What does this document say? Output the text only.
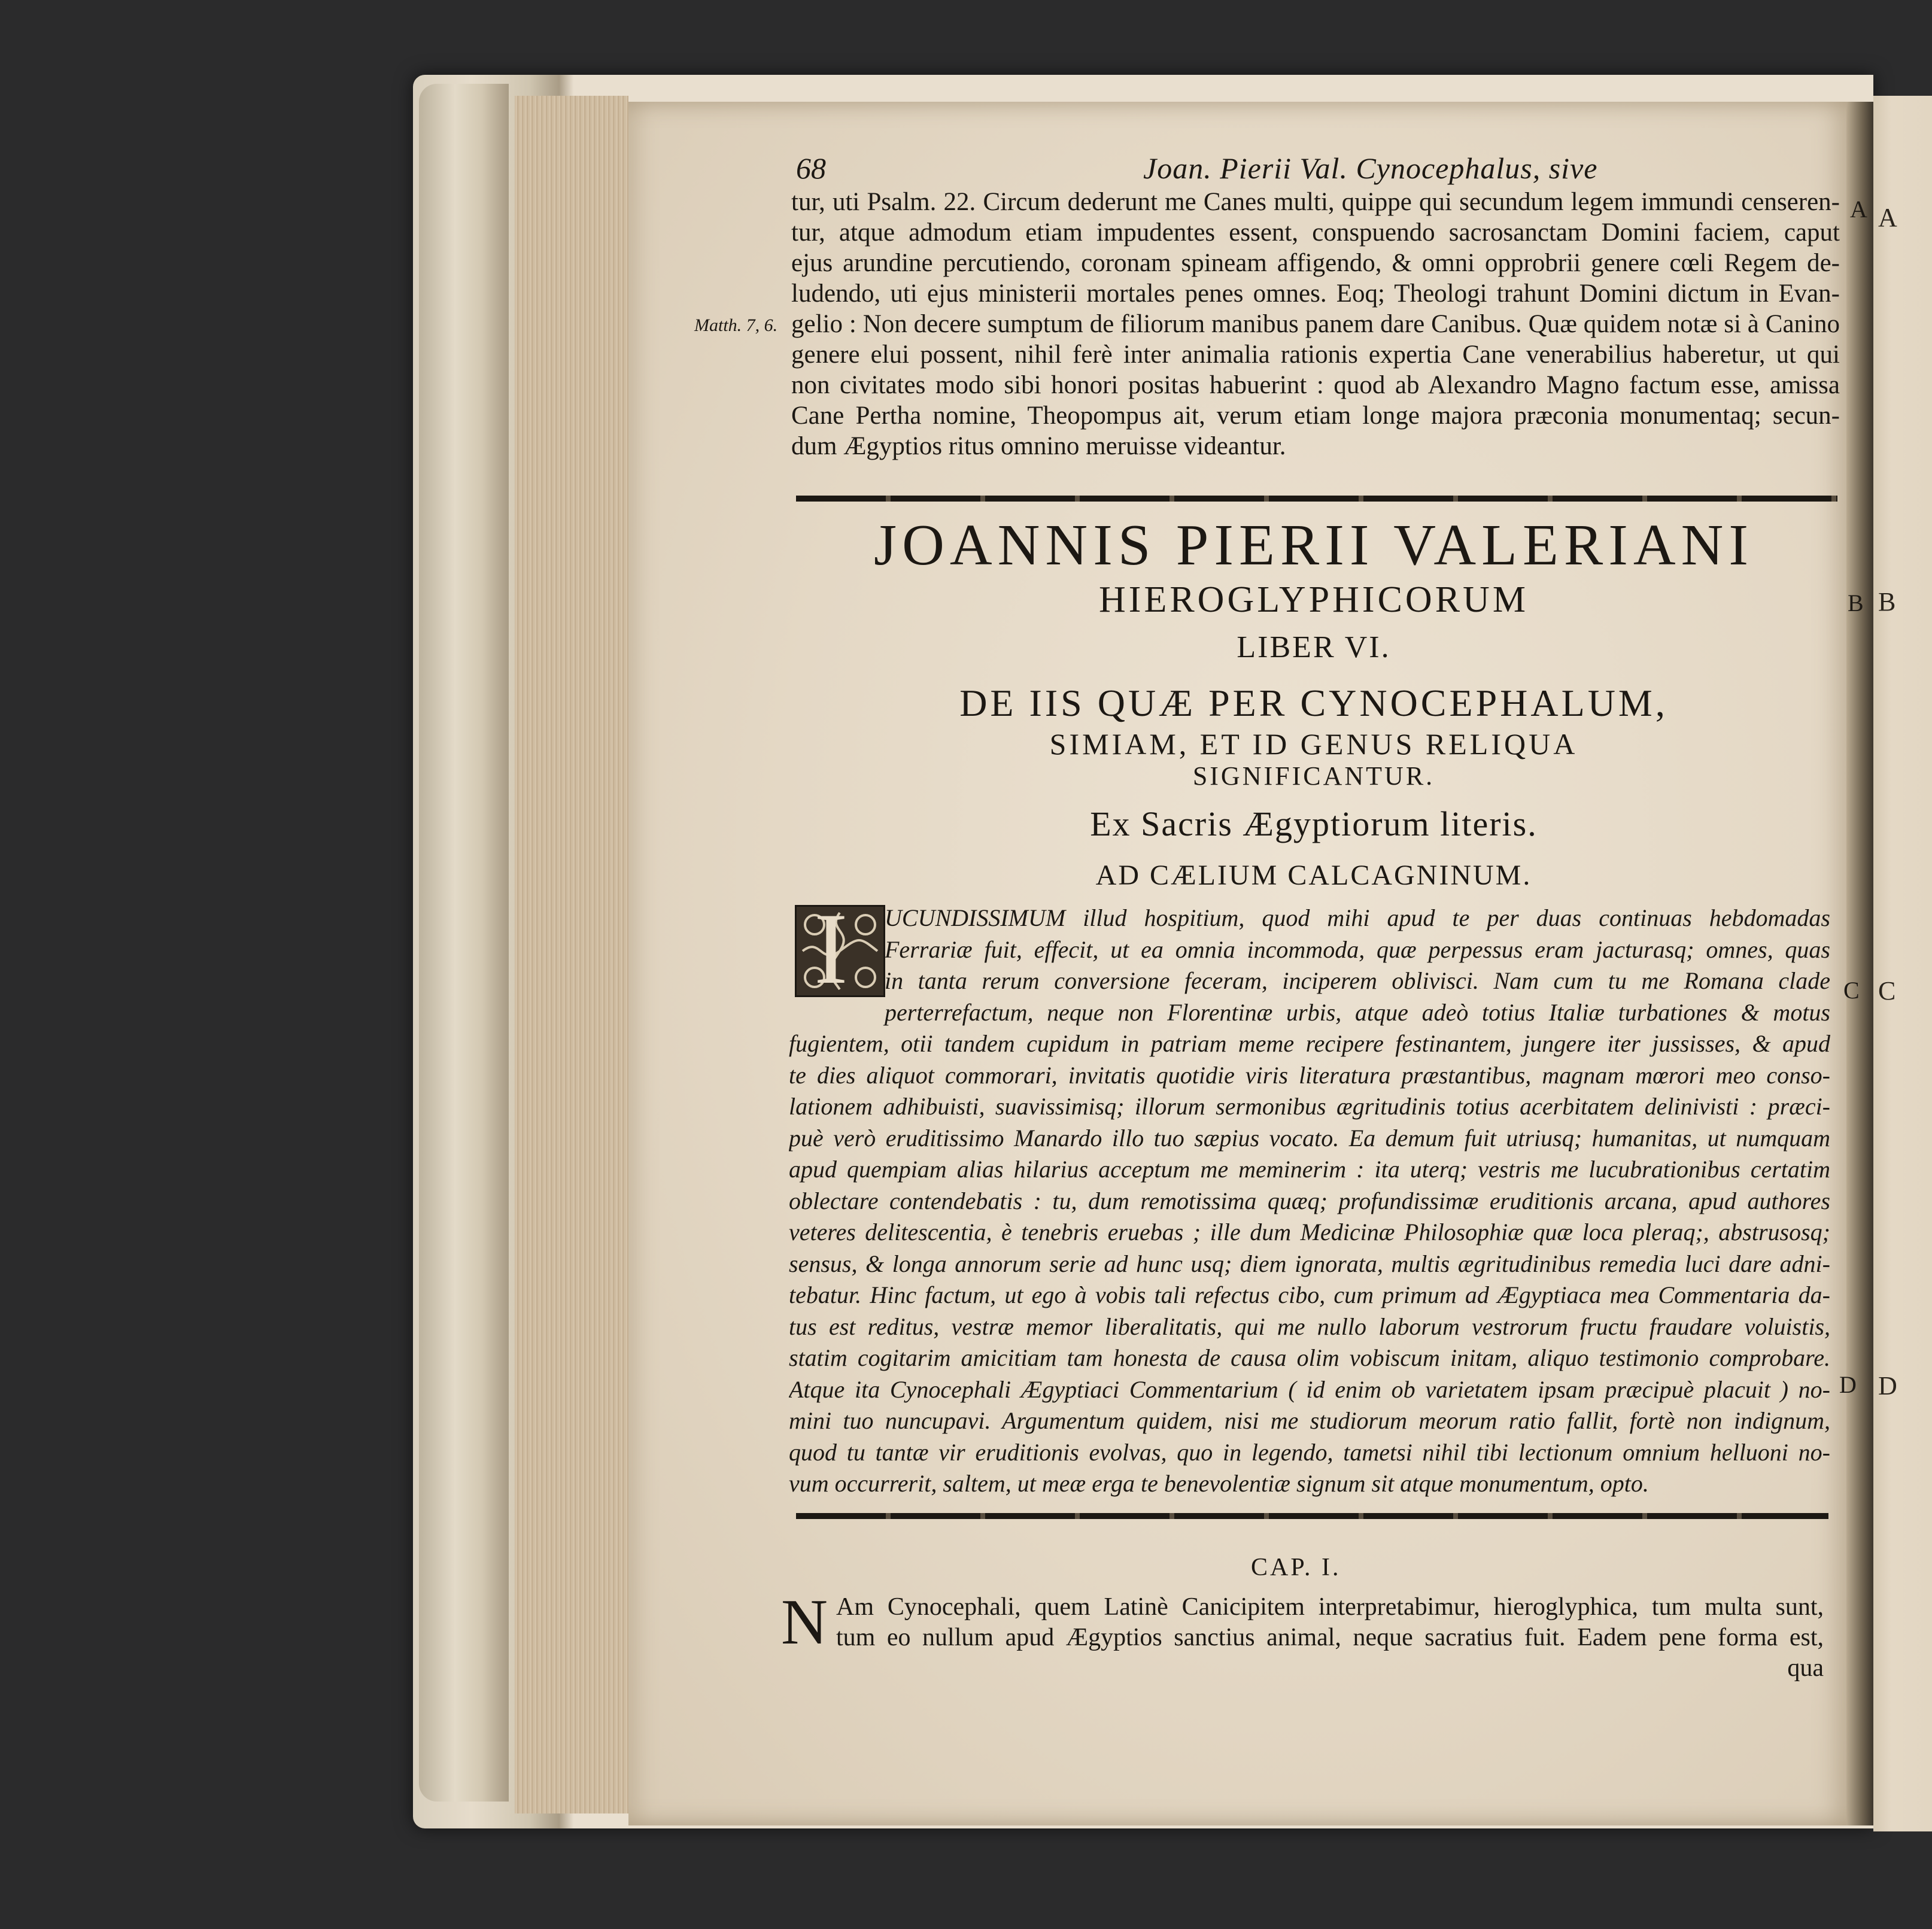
A
B
C
D
68	Joan. Pierii Val. Cynocephalus, sive
tur, uti Psalm. 22. Circum dederunt me Canes multi, quippe qui secundum legem immundi censeren-
tur, atque admodum etiam impudentes essent, conspuendo sacrosanctam Domini faciem, caput
ejus arundine percutiendo, coronam spineam affigendo, & omni opprobrii genere cœli Regem de-
ludendo, uti ejus ministerii mortales penes omnes. Eoq; Theologi trahunt Domini dictum in Evan-
gelio : Non decere sumptum de filiorum manibus panem dare Canibus. Quæ quidem notæ si à Canino
genere elui possent, nihil ferè inter animalia rationis expertia Cane venerabilius haberetur, ut qui
non civitates modo sibi honori positas habuerint : quod ab Alexandro Magno factum esse, amissa
Cane Pertha nomine, Theopompus ait, verum etiam longe majora præconia monumentaq; secun-
dum Ægyptios ritus omnino meruisse videantur.
Matth. 7, 6.
A
B
C
D
JOANNIS PIERII VALERIANI
HIEROGLYPHICORUM
LIBER VI.
DE IIS QUÆ PER CYNOCEPHALUM,
SIMIAM, ET ID GENUS RELIQUA
SIGNIFICANTUR.
Ex Sacris Ægyptiorum literis.
AD CÆLIUM CALCAGNINUM.
I	UCUNDISSIMUM illud hospitium, quod mihi apud te per duas continuas hebdomadas
Ferrariæ fuit, effecit, ut ea omnia incommoda, quæ perpessus eram jacturasq; omnes, quas
in tanta rerum conversione feceram, inciperem oblivisci. Nam cum tu me Romana clade
perterrefactum, neque non Florentinæ urbis, atque adeò totius Italiæ turbationes & motus
fugientem, otii tandem cupidum in patriam meme recipere festinantem, jungere iter jussisses, & apud
te dies aliquot commorari, invitatis quotidie viris literatura præstantibus, magnam mœrori meo conso-
lationem adhibuisti, suavissimisq; illorum sermonibus ægritudinis totius acerbitatem delinivisti : præci-
puè verò eruditissimo Manardo illo tuo sæpius vocato. Ea demum fuit utriusq; humanitas, ut numquam
apud quempiam alias hilarius acceptum me meminerim : ita uterq; vestris me lucubrationibus certatim
oblectare contendebatis : tu, dum remotissima quæq; profundissimæ eruditionis arcana, apud authores
veteres delitescentia, è tenebris eruebas ; ille dum Medicinæ Philosophiæ quæ loca pleraq;, abstrusosq;
sensus, & longa annorum serie ad hunc usq; diem ignorata, multis ægritudinibus remedia luci dare adni-
tebatur. Hinc factum, ut ego à vobis tali refectus cibo, cum primum ad Ægyptiaca mea Commentaria da-
tus est reditus, vestræ memor liberalitatis, qui me nullo laborum vestrorum fructu fraudare voluistis,
statim cogitarim amicitiam tam honesta de causa olim vobiscum initam, aliquo testimonio comprobare.
Atque ita Cynocephali Ægyptiaci Commentarium ( id enim ob varietatem ipsam præcipuè placuit ) no-
mini tuo nuncupavi. Argumentum quidem, nisi me studiorum meorum ratio fallit, fortè non indignum,
quod tu tantæ vir eruditionis evolvas, quo in legendo, tametsi nihil tibi lectionum omnium helluoni no-
vum occurrerit, saltem, ut meæ erga te benevolentiæ signum sit atque monumentum, opto.
CAP. I.
N Am Cynocephali, quem Latinè Canicipitem interpretabimur, hieroglyphica, tum multa sunt,
tum eo nullum apud Ægyptios sanctius animal, neque sacratius fuit. Eadem pene forma est,
qua
